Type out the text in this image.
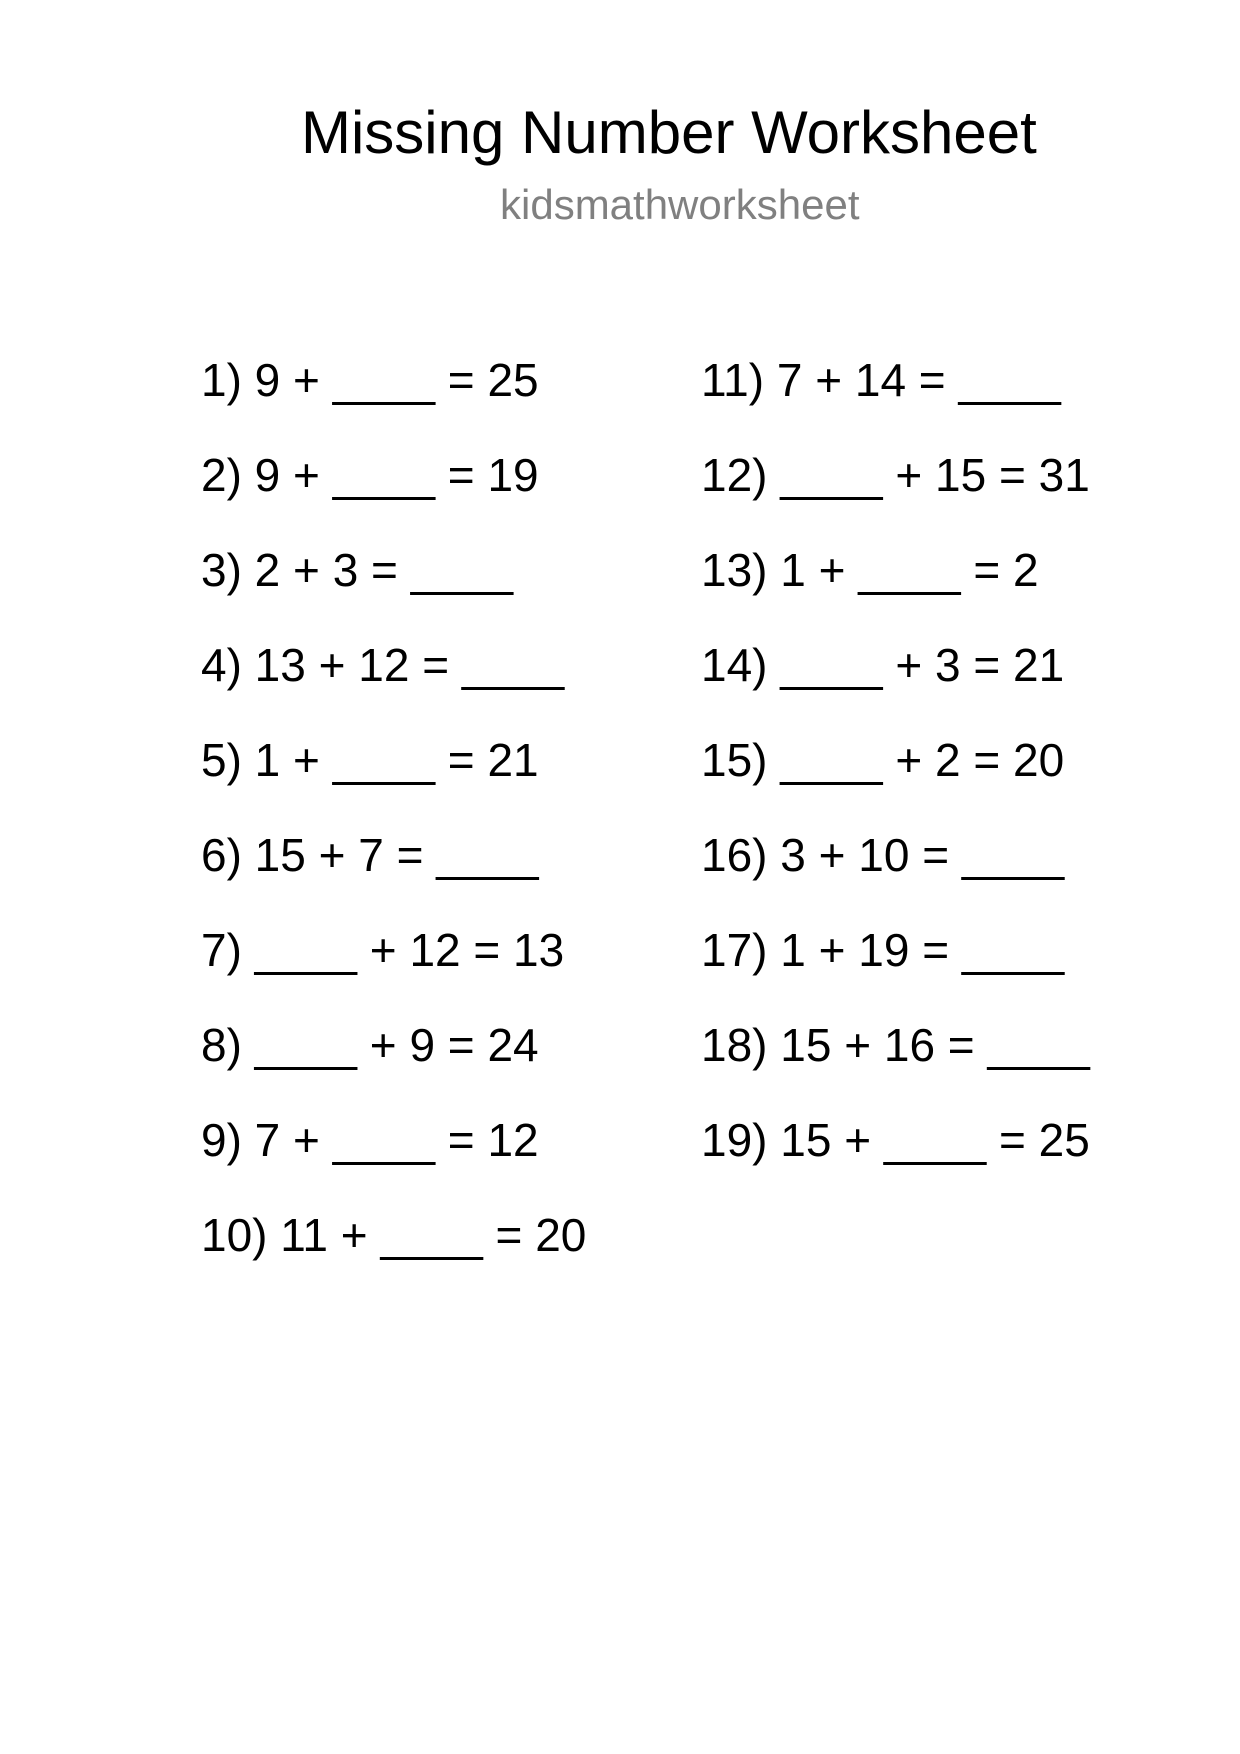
Missing Number Worksheet
kidsmathworksheet
1) 9 + ____ = 25
2) 9 + ____ = 19
3) 2 + 3 = ____
4) 13 + 12 = ____
5) 1 + ____ = 21
6) 15 + 7 = ____
7) ____ + 12 = 13
8) ____ + 9 = 24
9) 7 + ____ = 12
10) 11 + ____ = 20
11) 7 + 14 = ____
12) ____ + 15 = 31
13) 1 + ____ = 2
14) ____ + 3 = 21
15) ____ + 2 = 20
16) 3 + 10 = ____
17) 1 + 19 = ____
18) 15 + 16 = ____
19) 15 + ____ = 25
